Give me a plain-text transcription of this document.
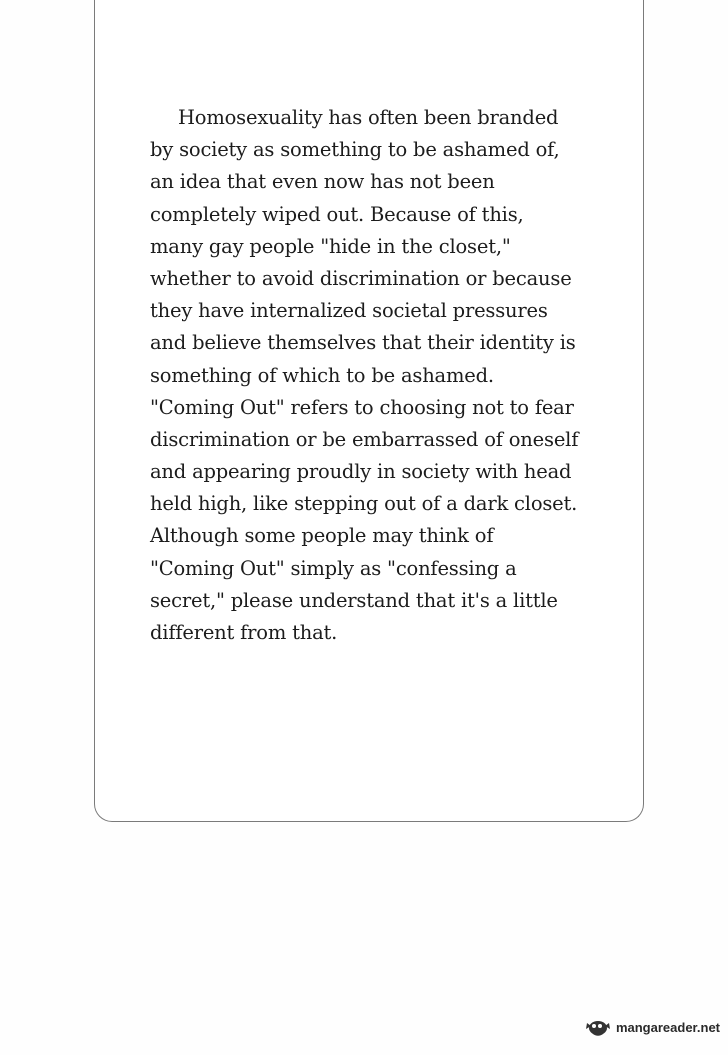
Homosexuality has often been branded
by society as something to be ashamed of,
an idea that even now has not been
completely wiped out. Because of this,
many gay people "hide in the closet,"
whether to avoid discrimination or because
they have internalized societal pressures
and believe themselves that their identity is
something of which to be ashamed.
"Coming Out" refers to choosing not to fear
discrimination or be embarrassed of oneself
and appearing proudly in society with head
held high, like stepping out of a dark closet.
Although some people may think of
"Coming Out" simply as "confessing a
secret," please understand that it's a little
different from that.
mangareader.net
